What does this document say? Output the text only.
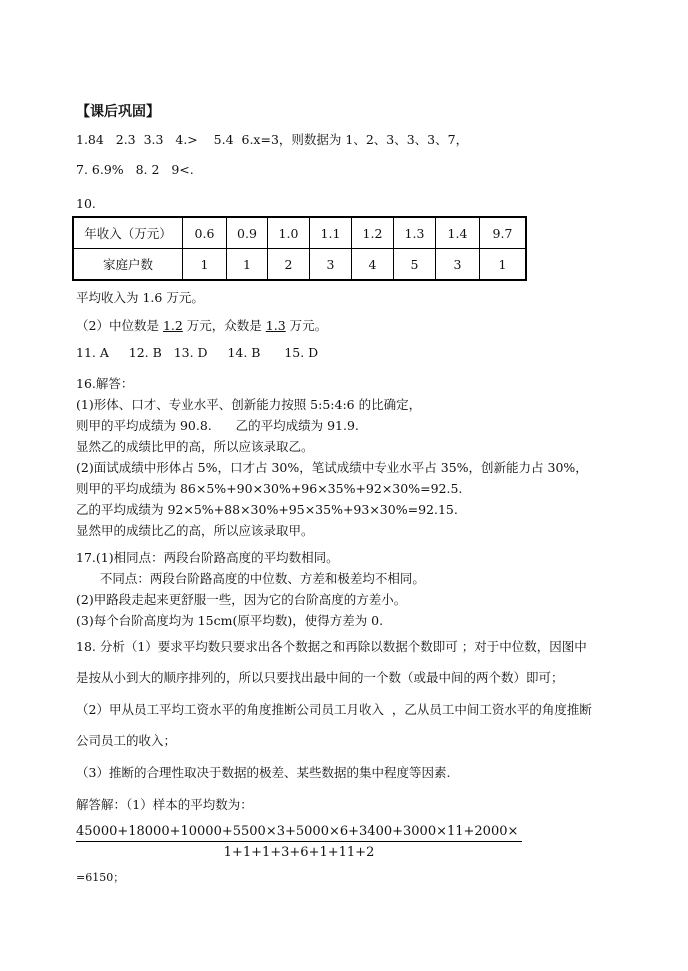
【课后巩固】
1.84   2.3  3.3   4.>    5.4  6.x=3，则数据为 1、2、3、3、3、7，
7. 6.9%   8. 2   9<.
10.
年收入（万元）	0.6	0.9	1.0	1.1	1.2	1.3	1.4	9.7
家庭户数	1	1	2	3	4	5	3	1
平均收入为 1.6 万元。
（2）中位数是 1.2 万元，众数是 1.3 万元。
11. A     12. B   13. D     14. B      15. D
16.解答：
(1)形体、口才、专业水平、创新能力按照 5:5:4:6 的比确定，
则甲的平均成绩为 90.8.      乙的平均成绩为 91.9.
显然乙的成绩比甲的高，所以应该录取乙。
(2)面试成绩中形体占 5%，口才占 30%，笔试成绩中专业水平占 35%，创新能力占 30%，
则甲的平均成绩为 86×5%+90×30%+96×35%+92×30%=92.5.
乙的平均成绩为 92×5%+88×30%+95×35%+93×30%=92.15.
显然甲的成绩比乙的高，所以应该录取甲。
17.(1)相同点：两段台阶路高度的平均数相同。
不同点：两段台阶路高度的中位数、方差和极差均不相同。
(2)甲路段走起来更舒服一些，因为它的台阶高度的方差小。
(3)每个台阶高度均为 15cm(原平均数)，使得方差为 0.
18. 分析（1）要求平均数只要求出各个数据之和再除以数据个数即可 ；对于中位数，因图中
是按从小到大的顺序排列的，所以只要找出最中间的一个数（或最中间的两个数）即可；
（2）甲从员工平均工资水平的角度推断公司员工月收入  ，乙从员工中间工资水平的角度推断
公司员工的收入；
（3）推断的合理性取决于数据的极差、某些数据的集中程度等因素.
解答解：（1）样本的平均数为：
45000+18000+10000+5500×3+5000×6+3400+3000×11+2000×
1+1+1+3+6+1+11+2
=6150；
